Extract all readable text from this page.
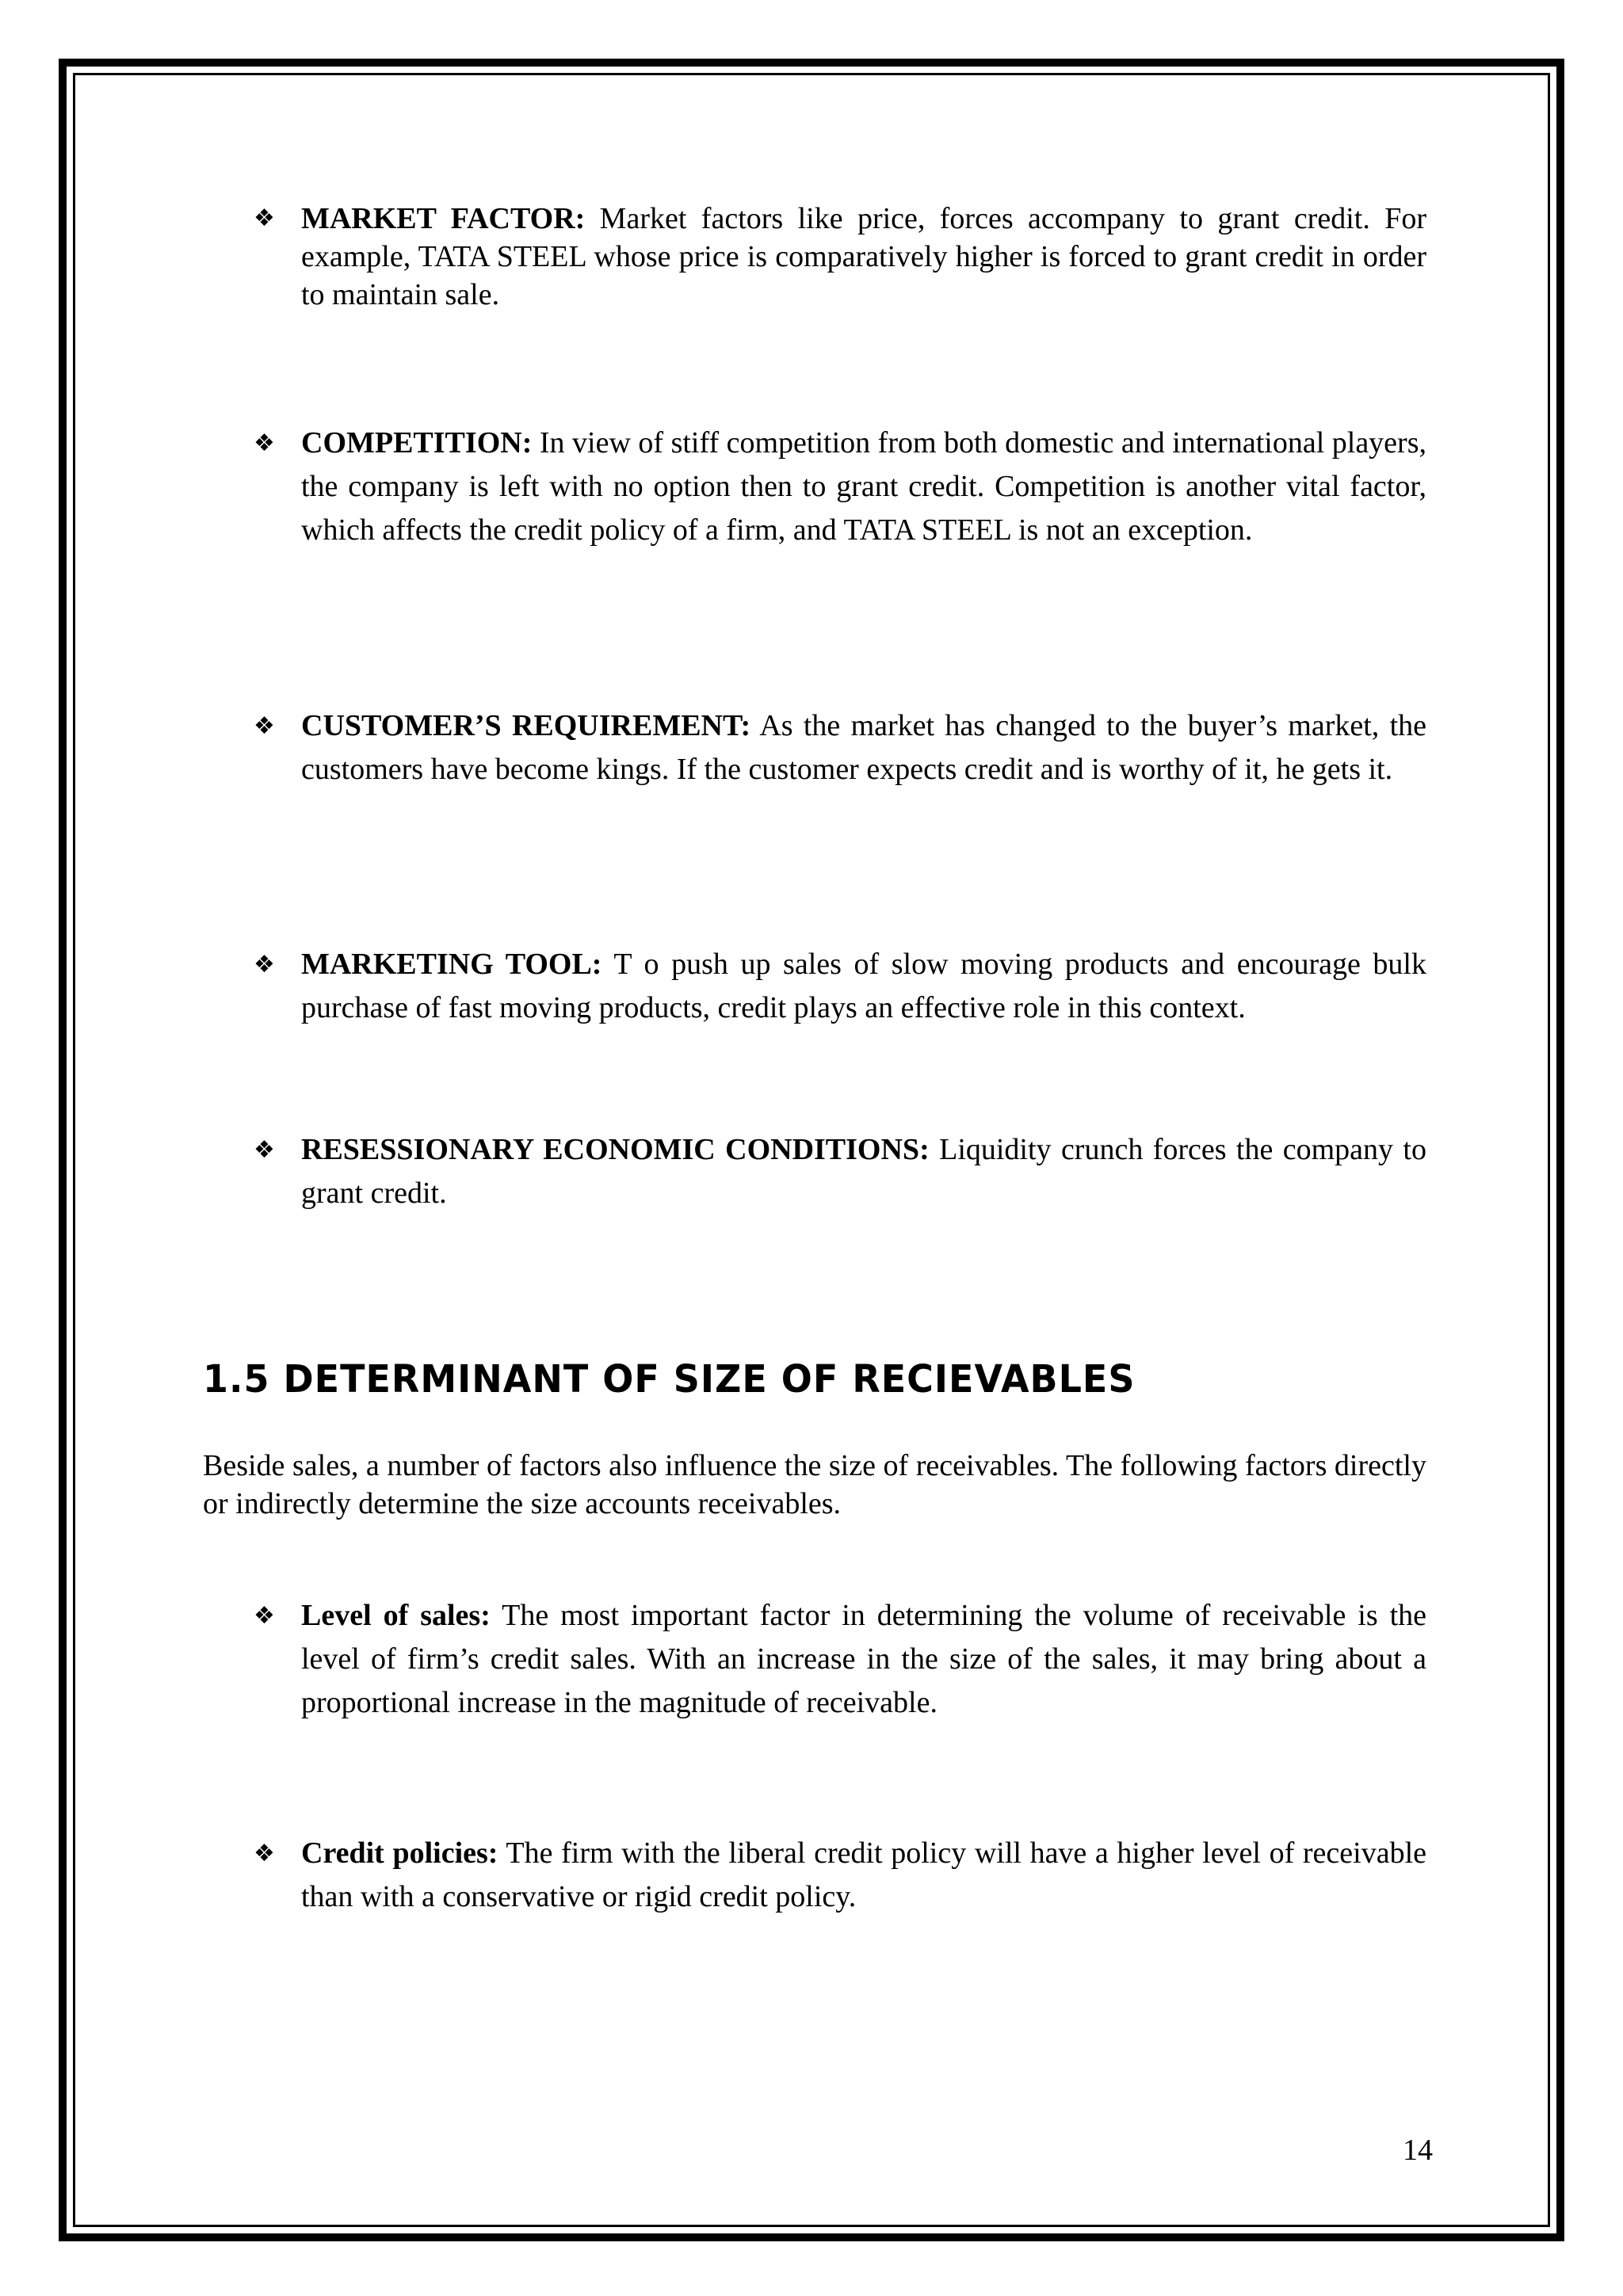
❖ MARKET FACTOR: Market factors like price, forces accompany to grant credit. For example, TATA STEEL whose price is comparatively higher is forced to grant credit in order to maintain sale.
❖ COMPETITION: In view of stiff competition from both domestic and international players, the company is left with no option then to grant credit. Competition is another vital factor, which affects the credit policy of a firm, and TATA STEEL is not an exception.
❖ CUSTOMER’S REQUIREMENT: As the market has changed to the buyer’s market, the customers have become kings. If the customer expects credit and is worthy of it, he gets it.
❖ MARKETING TOOL: T o push up sales of slow moving products and encourage bulk purchase of fast moving products, credit plays an effective role in this context.
❖ RESESSIONARY ECONOMIC CONDITIONS: Liquidity crunch forces the company to grant credit.
1.5 DETERMINANT OF SIZE OF RECIEVABLES
Beside sales, a number of factors also influence the size of receivables. The following factors directly or indirectly determine the size accounts receivables.
❖ Level of sales: The most important factor in determining the volume of receivable is the level of firm’s credit sales. With an increase in the size of the sales, it may bring about a proportional increase in the magnitude of receivable.
❖ Credit policies: The firm with the liberal credit policy will have a higher level of receivable than with a conservative or rigid credit policy.
14
